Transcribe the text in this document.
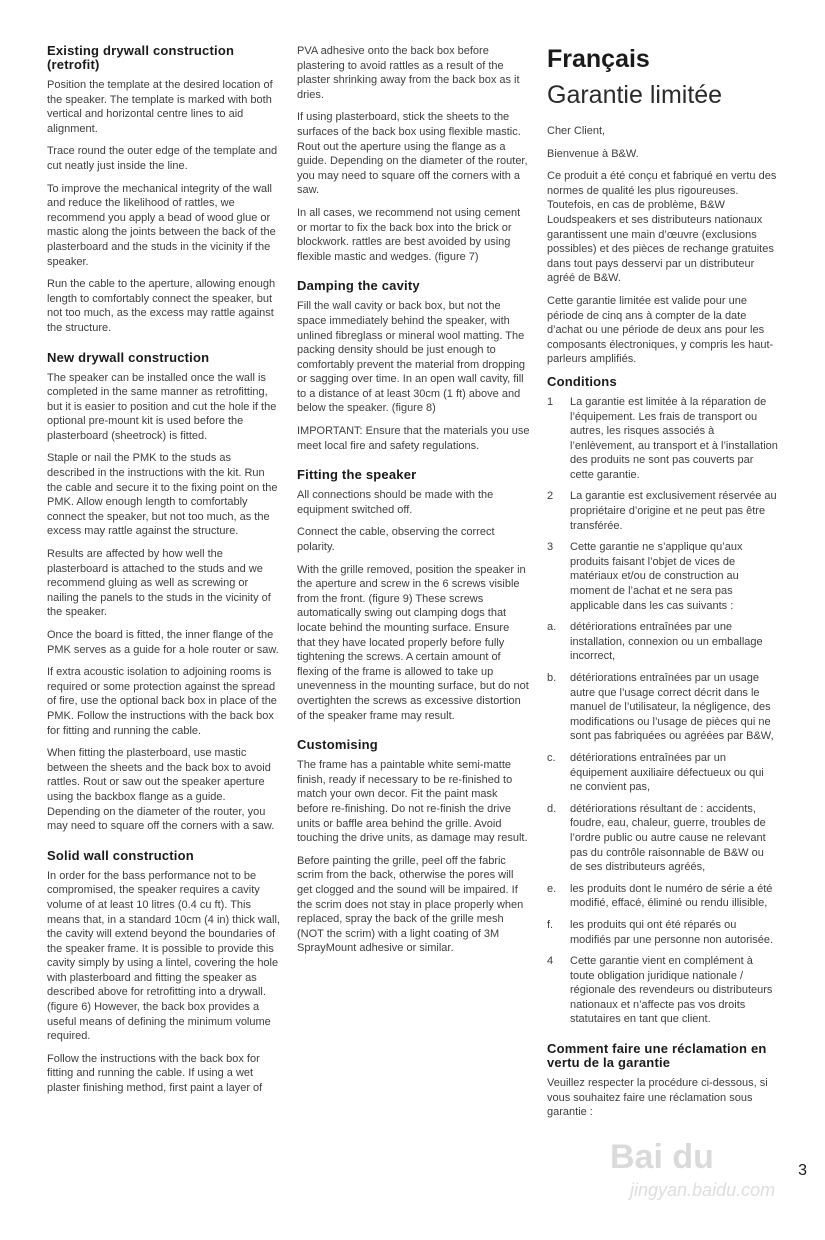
Existing drywall construction (retrofit)

Position the template at the desired location of the speaker. The template is marked with both vertical and horizontal centre lines to aid alignment.

Trace round the outer edge of the template and cut neatly just inside the line.

To improve the mechanical integrity of the wall and reduce the likelihood of rattles, we recommend you apply a bead of wood glue or mastic along the joints between the back of the plasterboard and the studs in the vicinity if the speaker.

Run the cable to the aperture, allowing enough length to comfortably connect the speaker, but not too much, as the excess may rattle against the structure.

New drywall construction

The speaker can be installed once the wall is completed in the same manner as retrofitting, but it is easier to position and cut the hole if the optional pre-mount kit is used before the plasterboard (sheetrock) is fitted.

Staple or nail the PMK to the studs as described in the instructions with the kit. Run the cable and secure it to the fixing point on the PMK. Allow enough length to comfortably connect the speaker, but not too much, as the excess may rattle against the structure.

Results are affected by how well the plasterboard is attached to the studs and we recommend gluing as well as screwing or nailing the panels to the studs in the vicinity of the speaker.

Once the board is fitted, the inner flange of the PMK serves as a guide for a hole router or saw.

If extra acoustic isolation to adjoining rooms is required or some protection against the spread of fire, use the optional back box in place of the PMK. Follow the instructions with the back box for fitting and running the cable.

When fitting the plasterboard, use mastic between the sheets and the back box to avoid rattles. Rout or saw out the speaker aperture using the backbox flange as a guide. Depending on the diameter of the router, you may need to square off the corners with a saw.

Solid wall construction

In order for the bass performance not to be compromised, the speaker requires a cavity volume of at least 10 litres (0.4 cu ft). This means that, in a standard 10cm (4 in) thick wall, the cavity will extend beyond the boundaries of the speaker frame. It is possible to provide this cavity simply by using a lintel, covering the hole with plasterboard and fitting the speaker as described above for retrofitting into a drywall. (figure 6) However, the back box provides a useful means of defining the minimum volume required.

Follow the instructions with the back box for fitting and running the cable. If using a wet plaster finishing method, first paint a layer of

PVA adhesive onto the back box before plastering to avoid rattles as a result of the plaster shrinking away from the back box as it dries.

If using plasterboard, stick the sheets to the surfaces of the back box using flexible mastic. Rout out the aperture using the flange as a guide. Depending on the diameter of the router, you may need to square off the corners with a saw.

In all cases, we recommend not using cement or mortar to fix the back box into the brick or blockwork. rattles are best avoided by using flexible mastic and wedges. (figure 7)

Damping the cavity

Fill the wall cavity or back box, but not the space immediately behind the speaker, with unlined fibreglass or mineral wool matting. The packing density should be just enough to comfortably prevent the material from dropping or sagging over time. In an open wall cavity, fill to a distance of at least 30cm (1 ft) above and below the speaker. (figure 8)

IMPORTANT: Ensure that the materials you use meet local fire and safety regulations.

Fitting the speaker

All connections should be made with the equipment switched off.

Connect the cable, observing the correct polarity.

With the grille removed, position the speaker in the aperture and screw in the 6 screws visible from the front. (figure 9) These screws automatically swing out clamping dogs that locate behind the mounting surface. Ensure that they have located properly before fully tightening the screws. A certain amount of flexing of the frame is allowed to take up unevenness in the mounting surface, but do not overtighten the screws as excessive distortion of the speaker frame may result.

Customising

The frame has a paintable white semi-matte finish, ready if necessary to be re-finished to match your own decor. Fit the paint mask before re-finishing. Do not re-finish the drive units or baffle area behind the grille. Avoid touching the drive units, as damage may result.

Before painting the grille, peel off the fabric scrim from the back, otherwise the pores will get clogged and the sound will be impaired. If the scrim does not stay in place properly when replaced, spray the back of the grille mesh (NOT the scrim) with a light coating of 3M SprayMount adhesive or similar.

Français
Garantie limitée

Cher Client,

Bienvenue à B&W.

Ce produit a été conçu et fabriqué en vertu des normes de qualité les plus rigoureuses. Toutefois, en cas de problème, B&W Loudspeakers et ses distributeurs nationaux garantissent une main d’œuvre (exclusions possibles) et des pièces de rechange gratuites dans tout pays desservi par un distributeur agréé de B&W.

Cette garantie limitée est valide pour une période de cinq ans à compter de la date d’achat ou une période de deux ans pour les composants électroniques, y compris les haut-parleurs amplifiés.

Conditions
1	La garantie est limitée à la réparation de l’équipement. Les frais de transport ou autres, les risques associés à l’enlèvement, au transport et à l’installation des produits ne sont pas couverts par cette garantie.
2	La garantie est exclusivement réservée au propriétaire d’origine et ne peut pas être transférée.
3	Cette garantie ne s’applique qu’aux produits faisant l’objet de vices de matériaux et/ou de construction au moment de l’achat et ne sera pas applicable dans les cas suivants :
a.	détériorations entraînées par une installation, connexion ou un emballage incorrect,
b.	détériorations entraînées par un usage autre que l’usage correct décrit dans le manuel de l’utilisateur, la négligence, des modifications ou l’usage de pièces qui ne sont pas fabriquées ou agréées par B&W,
c.	détériorations entraînées par un équipement auxiliaire défectueux ou qui ne convient pas,
d.	détériorations résultant de : accidents, foudre, eau, chaleur, guerre, troubles de l’ordre public ou autre cause ne relevant pas du contrôle raisonnable de B&W ou de ses distributeurs agréés,
e.	les produits dont le numéro de série a été modifié, effacé, éliminé ou rendu illisible,
f.	les produits qui ont été réparés ou modifiés par une personne non autorisée.
4	Cette garantie vient en complément à toute obligation juridique nationale / régionale des revendeurs ou distributeurs nationaux et n’affecte pas vos droits statutaires en tant que client.
Comment faire une réclamation en vertu de la garantie

Veuillez respecter la procédure ci-dessous, si vous souhaitez faire une réclamation sous garantie :

Bai du
jingyan.baidu.com
3
